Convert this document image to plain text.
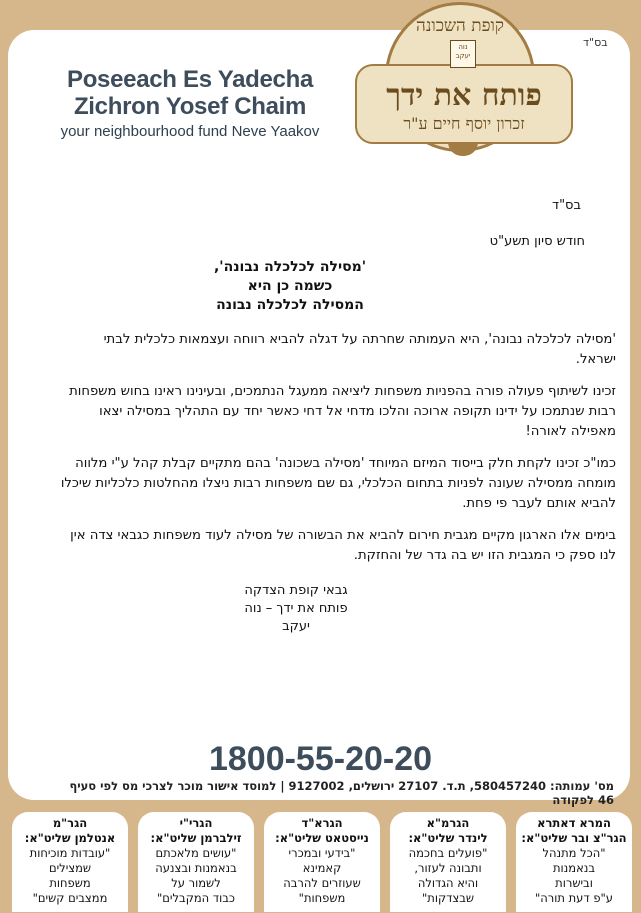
בס"ד
Poseeach Es Yadecha
Zichron Yosef Chaim
your neighbourhood fund Neve Yaakov
קופת השכונה
נוה יעקב
פותח את ידך
זכרון יוסף חיים ע"ר
בס"ד
חודש סיון תשע"ט
'מסילה לכלכלה נבונה',
כשמה כן היא
המסילה לכלכלה נבונה
'מסילה לכלכלה נבונה', היא העמותה שחרתה על דגלה להביא רווחה ועצמאות כלכלית לבתי ישראל.
זכינו לשיתוף פעולה פורה בהפניות משפחות ליציאה ממעגל הנתמכים, ובעינינו ראינו בחוש משפחות רבות שנתמכו על ידינו תקופה ארוכה והלכו מדחי אל דחי כאשר יחד עם התהליך במסילה יצאו מאפילה לאורה!
כמו"כ זכינו לקחת חלק בייסוד המיזם המיוחד 'מסילה בשכונה' בהם מתקיים קבלת קהל ע"י מלווה מומחה ממסילה שעונה לפניות בתחום הכלכלי, גם שם משפחות רבות ניצלו מהחלטות כלכליות שיכלו להביא אותם לעבר פי פחת.
בימים אלו הארגון מקיים מגבית חירום להביא את הבשורה של מסילה לעוד משפחות כגבאי צדה אין לנו ספק כי המגבית הזו יש בה גדר של והחזקת.
גבאי קופת הצדקה
פותח את ידך – נוה יעקב
1800-55-20-20
מס' עמותה: 580457240, ת.ד. 27107 ירושלים, 9127002 | למוסד אישור מוכר לצרכי מס לפי סעיף 46 לפקודה
המרא דאתרא
הגר"צ ובר שליט"א:
"הכל מתנהל
בנאמנות
ובישרות
ע"פ דעת תורה"
הגרמ"א
לינדר שליט"א:
"פועלים בחכמה
ותבונה לעזור,
והיא הגדולה
שבצדקות"
הגרא"ד
נייסטאט שליט"א:
"בידעי ובמכרי
קאמינא
שעוזרים להרבה
משפחות"
הגרי"י
זילברמן שליט"א:
"עושים מלאכתם
בנאמנות ובצנעה
לשמור על
כבוד המקבלים"
הגר"מ
אנטלמן שליט"א:
"עובדות מוכיחות
שמצילים
משפחות
ממצבים קשים"
